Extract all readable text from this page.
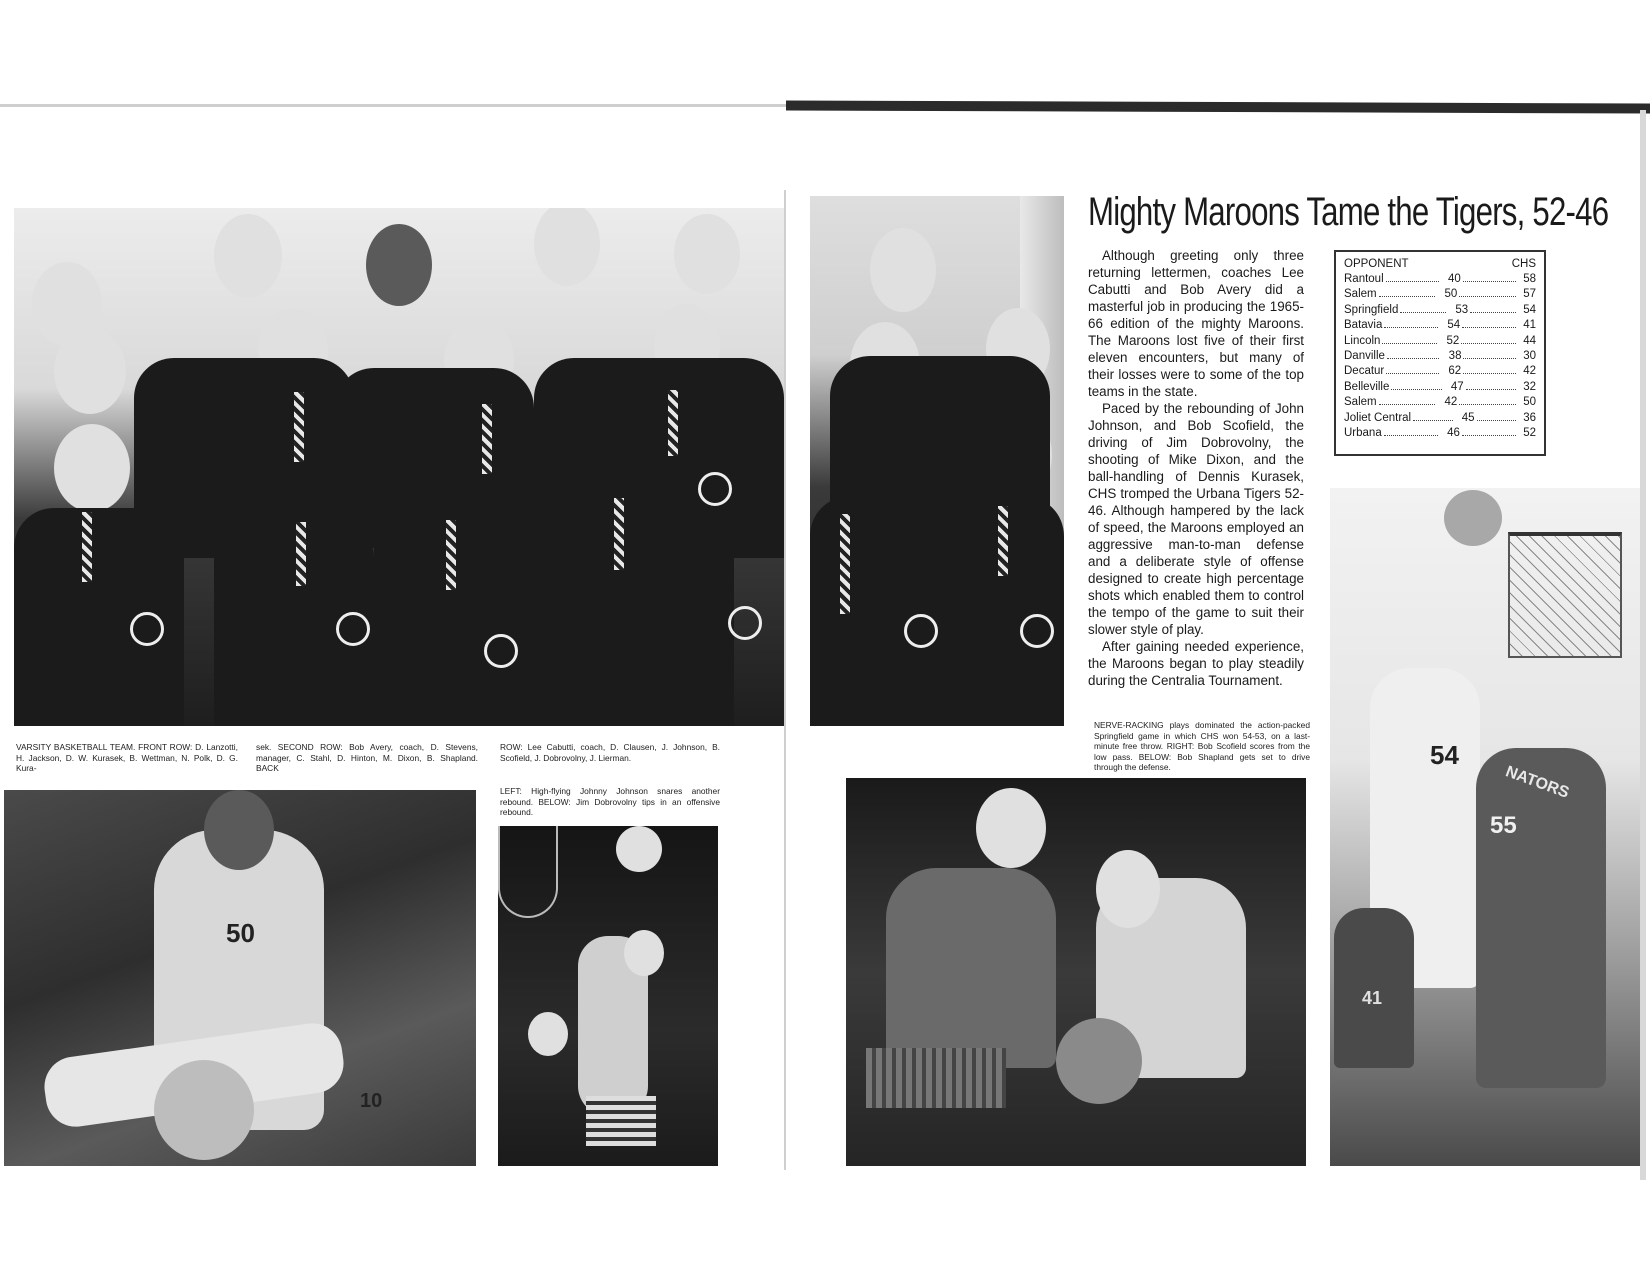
Mighty Maroons Tame the Tigers, 52-46

Although greeting only three returning lettermen, coaches Lee Cabutti and Bob Avery did a masterful job in producing the 1965-66 edition of the mighty Maroons. The Maroons lost five of their first eleven encounters, but many of their losses were to some of the top teams in the state.

Paced by the rebounding of John Johnson, and Bob Scofield, the driving of Jim Dobrovolny, the shooting of Mike Dixon, and the ball-handling of Dennis Kurasek, CHS tromped the Urbana Tigers 52-46. Although hampered by the lack of speed, the Maroons employed an aggressive man-to-man defense and a deliberate style of offense designed to create high percentage shots which enabled them to control the tempo of the game to suit their slower style of play.

After gaining needed experience, the Maroons began to play steadily during the Centralia Tournament.

OPPONENT	CHS
Rantoul	40	58
Salem	50	57
Springfield	53	54
Batavia	54	41
Lincoln	52	44
Danville	38	30
Decatur	62	42
Belleville	47	32
Salem	42	50
Joliet Central	45	36
Urbana	46	52
VARSITY BASKETBALL TEAM. FRONT ROW: D. Lanzotti, H. Jackson, D. W. Kurasek, B. Wettman, N. Polk, D. G. Kura-
sek. SECOND ROW: Bob Avery, coach, D. Stevens, manager, C. Stahl, D. Hinton, M. Dixon, B. Shapland. BACK
ROW: Lee Cabutti, coach, D. Clausen, J. Johnson, B. Scofield, J. Dobrovolny, J. Lierman.
NERVE-RACKING plays dominated the action-packed Springfield game in which CHS won 54-53, on a last-minute free throw. RIGHT: Bob Scofield scores from the low pass. BELOW: Bob Shapland gets set to drive through the defense.
LEFT: High-flying Johnny Johnson snares another rebound. BELOW: Jim Dobrovolny tips in an offensive rebound.
50
10
54
NATORS
55
41
